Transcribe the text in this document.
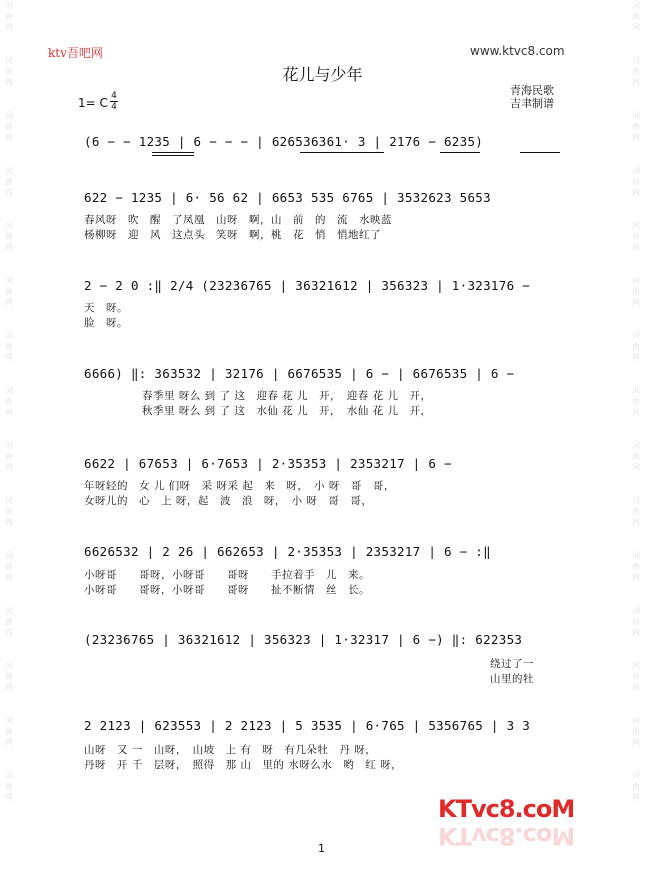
词
曲
网
词
曲
网
词
曲
网
词
曲
网
词
曲
网
词
曲
网
词
曲
网
词
曲
网
词
曲
网
词
曲
网
词
曲
网
词
曲
网
词
曲
网
词
曲
网
词
曲
网
词
曲
网
词
曲
网
词
曲
网
词
曲
网
词
曲
网
词
曲
网
词
曲
网
词
曲
网
词
曲
网
词
曲
网
词
曲
网
词
曲
网
词
曲
网
词
曲
网
词
曲
网
ktv吾吧网	www.ktvc8.com
花儿与少年
1= C 4
4
青海民歌
吉聿制谱
(6 − − 1235 | 6 − − − | 626536361· 3 | 2176 − 6235)
622 − 1235 | 6· 56 62 | 6653 535 6765 | 3532623 5653
春风呀　吹　醒　了凤凰　山呀　啊，山　前　的　流　水映蓝
杨柳呀　迎　风　这点头　笑呀　啊，桃　花　悄　悄地红了
2 − 2 0 :‖ 2/4 (23236765 | 36321612 | 356323 | 1·323176 −
天　呀。
脸　呀。
6666) ‖: 363532 | 32176 | 6676535 | 6 − | 6676535 | 6 −
春季里 呀么 到 了 这　迎春 花 儿　开，　迎春 花 儿　开，
秋季里 呀么 到 了 这　水仙 花 儿　开，　水仙 花 儿　开，
6622 | 67653 | 6·7653 | 2·35353 | 2353217 | 6 −
年呀轻的　女 儿 们呀　采 呀采 起　来　呀，　小 呀　哥　哥，
女呀儿的　心　上 呀，起　波　浪　呀，　小 呀　哥　哥，
6626532 | 2 26 | 662653 | 2·35353 | 2353217 | 6 − :‖
小呀哥　　哥呀，小呀哥　　哥呀　　手拉着手　儿　来。
小呀哥　　哥呀，小呀哥　　哥呀　　扯不断情　丝　长。
(23236765 | 36321612 | 356323 | 1·32317 | 6 −) ‖: 622353
绕过了一
山里的牡
2 2123 | 623553 | 2 2123 | 5 3535 | 6·765 | 5356765 | 3 3
山呀　又 一　山呀，　山坡　上 有　呀　有几朵牡　丹 呀，
丹呀　开 千　层呀，　照得　那 山　里的 水呀么水　哟　红 呀，
KTvc8.coM
KTvc8.coM
1
